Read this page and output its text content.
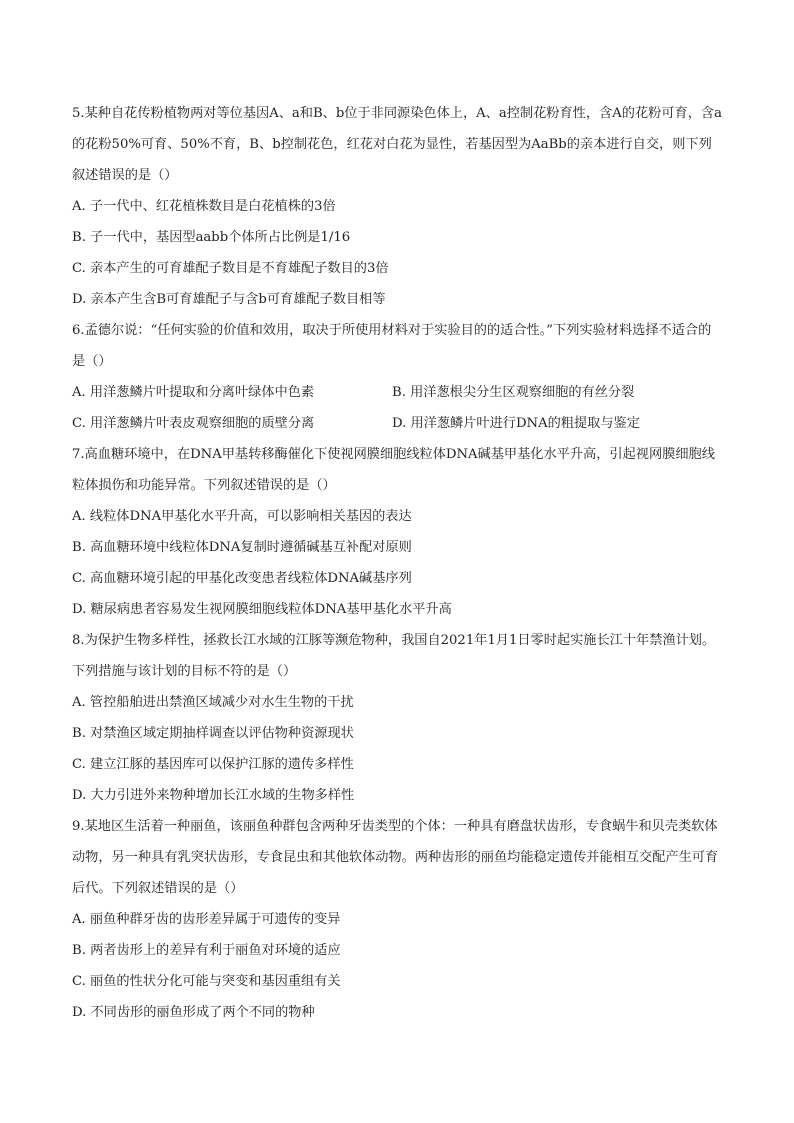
5.某种自花传粉植物两对等位基因A、a和B、b位于非同源染色体上，A、a控制花粉育性，含A的花粉可育，含a的花粉50%可育、50%不育，B、b控制花色，红花对白花为显性，若基因型为AaBb的亲本进行自交，则下列叙述错误的是（）

A. 子一代中、红花植株数目是白花植株的3倍

B. 子一代中，基因型aabb个体所占比例是1/16

C. 亲本产生的可育雄配子数目是不育雄配子数目的3倍

D. 亲本产生含B可育雄配子与含b可育雄配子数目相等

6.孟德尔说：“任何实验的价值和效用，取决于所使用材料对于实验目的的适合性。”下列实验材料选择不适合的是（）

A. 用洋葱鳞片叶提取和分离叶绿体中色素	B. 用洋葱根尖分生区观察细胞的有丝分裂
C. 用洋葱鳞片叶表皮观察细胞的质壁分离	D. 用洋葱鳞片叶进行DNA的粗提取与鉴定

7.高血糖环境中，在DNA甲基转移酶催化下使视网膜细胞线粒体DNA碱基甲基化水平升高，引起视网膜细胞线粒体损伤和功能异常。下列叙述错误的是（）

A. 线粒体DNA甲基化水平升高，可以影响相关基因的表达

B. 高血糖环境中线粒体DNA复制时遵循碱基互补配对原则

C. 高血糖环境引起的甲基化改变患者线粒体DNA碱基序列

D. 糖尿病患者容易发生视网膜细胞线粒体DNA基甲基化水平升高

8.为保护生物多样性，拯救长江水域的江豚等濒危物种，我国自2021年1月1日零时起实施长江十年禁渔计划。下列措施与该计划的目标不符的是（）

A. 管控船舶进出禁渔区域减少对水生生物的干扰

B. 对禁渔区域定期抽样调查以评估物种资源现状

C. 建立江豚的基因库可以保护江豚的遗传多样性

D. 大力引进外来物种增加长江水域的生物多样性

9.某地区生活着一种丽鱼，该丽鱼种群包含两种牙齿类型的个体：一种具有磨盘状齿形，专食蜗牛和贝壳类软体动物，另一种具有乳突状齿形，专食昆虫和其他软体动物。两种齿形的丽鱼均能稳定遗传并能相互交配产生可育后代。下列叙述错误的是（）

A. 丽鱼种群牙齿的齿形差异属于可遗传的变异

B. 两者齿形上的差异有利于丽鱼对环境的适应

C. 丽鱼的性状分化可能与突变和基因重组有关

D. 不同齿形的丽鱼形成了两个不同的物种
